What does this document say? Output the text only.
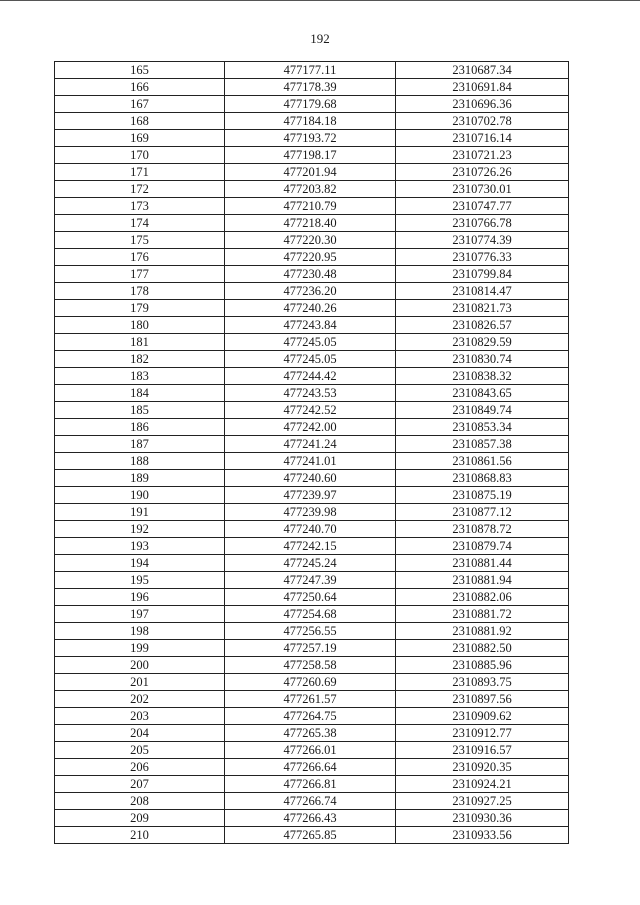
192
165	477177.11	2310687.34
166	477178.39	2310691.84
167	477179.68	2310696.36
168	477184.18	2310702.78
169	477193.72	2310716.14
170	477198.17	2310721.23
171	477201.94	2310726.26
172	477203.82	2310730.01
173	477210.79	2310747.77
174	477218.40	2310766.78
175	477220.30	2310774.39
176	477220.95	2310776.33
177	477230.48	2310799.84
178	477236.20	2310814.47
179	477240.26	2310821.73
180	477243.84	2310826.57
181	477245.05	2310829.59
182	477245.05	2310830.74
183	477244.42	2310838.32
184	477243.53	2310843.65
185	477242.52	2310849.74
186	477242.00	2310853.34
187	477241.24	2310857.38
188	477241.01	2310861.56
189	477240.60	2310868.83
190	477239.97	2310875.19
191	477239.98	2310877.12
192	477240.70	2310878.72
193	477242.15	2310879.74
194	477245.24	2310881.44
195	477247.39	2310881.94
196	477250.64	2310882.06
197	477254.68	2310881.72
198	477256.55	2310881.92
199	477257.19	2310882.50
200	477258.58	2310885.96
201	477260.69	2310893.75
202	477261.57	2310897.56
203	477264.75	2310909.62
204	477265.38	2310912.77
205	477266.01	2310916.57
206	477266.64	2310920.35
207	477266.81	2310924.21
208	477266.74	2310927.25
209	477266.43	2310930.36
210	477265.85	2310933.56
